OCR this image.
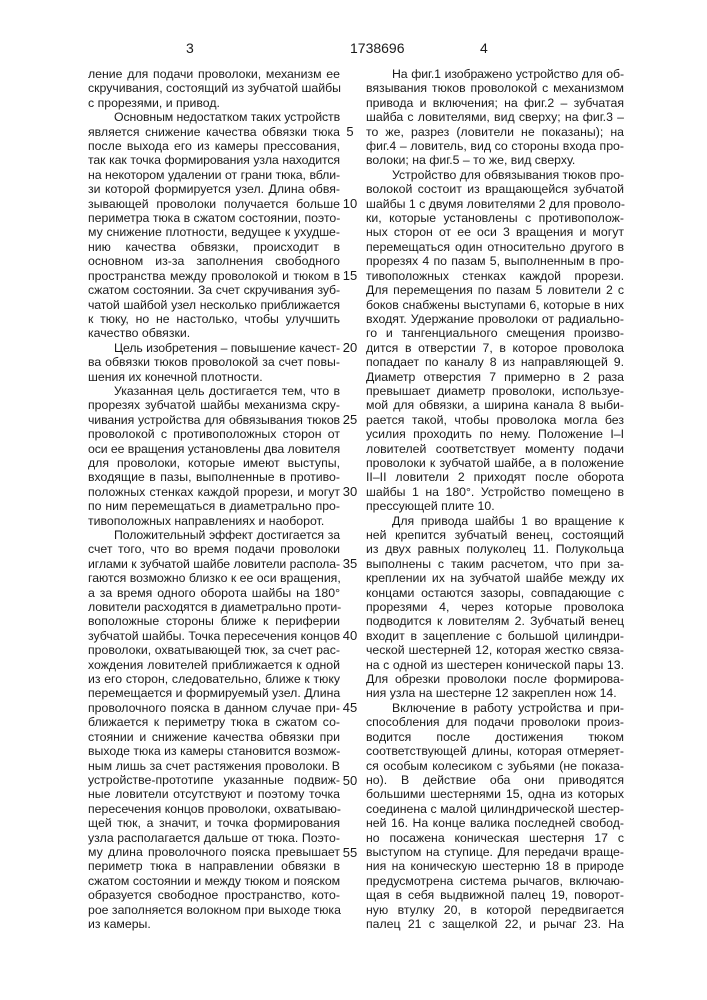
3	1738696	4
ление для подачи проволоки, механизм ее
скручивания, состоящий из зубчатой шайбы
с прорезями, и привод.
Основным недостатком таких устройств
является снижение качества обвязки тюка
после выхода его из камеры прессования,
так как точка формирования узла находится
на некотором удалении от грани тюка, вбли-
зи которой формируется узел. Длина обвя-
зывающей проволоки получается больше
периметра тюка в сжатом состоянии, поэто-
му снижение плотности, ведущее к ухудше-
нию качества обвязки, происходит в
основном из-за заполнения свободного
пространства между проволокой и тюком в
сжатом состоянии. За счет скручивания зуб-
чатой шайбой узел несколько приближается
к тюку, но не настолько, чтобы улучшить
качество обвязки.
Цель изобретения – повышение качест-
ва обвязки тюков проволокой за счет повы-
шения их конечной плотности.
Указанная цель достигается тем, что в
прорезях зубчатой шайбы механизма скру-
чивания устройства для обвязывания тюков
проволокой с противоположных сторон от
оси ее вращения установлены два ловителя
для проволоки, которые имеют выступы,
входящие в пазы, выполненные в противо-
положных стенках каждой прорези, и могут
по ним перемещаться в диаметрально про-
тивоположных направлениях и наоборот.
Положительный эффект достигается за
счет того, что во время подачи проволоки
иглами к зубчатой шайбе ловители распола-
гаются возможно близко к ее оси вращения,
а за время одного оборота шайбы на 180°
ловители расходятся в диаметрально проти-
воположные стороны ближе к периферии
зубчатой шайбы. Точка пересечения концов
проволоки, охватывающей тюк, за счет рас-
хождения ловителей приближается к одной
из его сторон, следовательно, ближе к тюку
перемещается и формируемый узел. Длина
проволочного пояска в данном случае при-
ближается к периметру тюка в сжатом со-
стоянии и снижение качества обвязки при
выходе тюка из камеры становится возмож-
ным лишь за счет растяжения проволоки. В
устройстве-прототипе указанные подвиж-
ные ловители отсутствуют и поэтому точка
пересечения концов проволоки, охватываю-
щей тюк, а значит, и точка формирования
узла располагается дальше от тюка. Поэто-
му длина проволочного пояска превышает
периметр тюка в направлении обвязки в
сжатом состоянии и между тюком и пояском
образуется свободное пространство, кото-
рое заполняется волокном при выходе тюка
из камеры.
5
10
15
20
25
30
35
40
45
50
55
На фиг.1 изображено устройство для об-
вязывания тюков проволокой с механизмом
привода и включения; на фиг.2 – зубчатая
шайба с ловителями, вид сверху; на фиг.3 –
то же, разрез (ловители не показаны); на
фиг.4 – ловитель, вид со стороны входа про-
волоки; на фиг.5 – то же, вид сверху.
Устройство для обвязывания тюков про-
волокой состоит из вращающейся зубчатой
шайбы 1 с двумя ловителями 2 для проволо-
ки, которые установлены с противополож-
ных сторон от ее оси 3 вращения и могут
перемещаться один относительно другого в
прорезях 4 по пазам 5, выполненным в про-
тивоположных стенках каждой прорези.
Для перемещения по пазам 5 ловители 2 с
боков снабжены выступами 6, которые в них
входят. Удержание проволоки от радиально-
го и тангенциального смещения произво-
дится в отверстии 7, в которое проволока
попадает по каналу 8 из направляющей 9.
Диаметр отверстия 7 примерно в 2 раза
превышает диаметр проволоки, используе-
мой для обвязки, а ширина канала 8 выби-
рается такой, чтобы проволока могла без
усилия проходить по нему. Положение I–I
ловителей соответствует моменту подачи
проволоки к зубчатой шайбе, а в положение
II–II ловители 2 приходят после оборота
шайбы 1 на 180°. Устройство помещено в
прессующей плите 10.
Для привода шайбы 1 во вращение к
ней крепится зубчатый венец, состоящий
из двух равных полуколец 11. Полукольца
выполнены с таким расчетом, что при за-
креплении их на зубчатой шайбе между их
концами остаются зазоры, совпадающие с
прорезями 4, через которые проволока
подводится к ловителям 2. Зубчатый венец
входит в зацепление с большой цилиндри-
ческой шестерней 12, которая жестко связа-
на с одной из шестерен конической пары 13.
Для обрезки проволоки после формирова-
ния узла на шестерне 12 закреплен нож 14.
Включение в работу устройства и при-
способления для подачи проволоки произ-
водится после достижения тюком
соответствующей длины, которая отмеряет-
ся особым колесиком с зубьями (не показа-
но). В действие оба они приводятся
большими шестернями 15, одна из которых
соединена с малой цилиндрической шестер-
ней 16. На конце валика последней свобод-
но посажена коническая шестерня 17 с
выступом на ступице. Для передачи враще-
ния на коническую шестерню 18 в природе
предусмотрена система рычагов, включаю-
щая в себя выдвижной палец 19, поворот-
ную втулку 20, в которой передвигается
палец 21 с защелкой 22, и рычаг 23. На
